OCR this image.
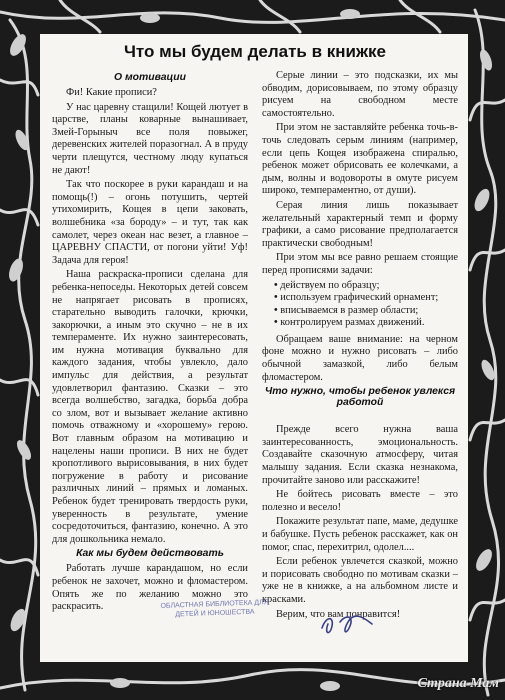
Что мы будем делать в книжке
О мотивации

Фи! Какие прописи?

У нас царевну стащили! Кощей лютует в царстве, планы коварные вынашивает, Змей-Горыныч все поля повыжег, деревенских жителей поразогнал. А в пруду черти плещутся, честному люду купаться не дают!

Так что поскорее в руки карандаш и на помощь(!) – огонь потушить, чертей утихомирить, Кощея в цепи заковать, волшебника «за бороду» – и тут, так как самолет, через океан нас везет, а главное – ЦАРЕВНУ СПАСТИ, от погони уйти! Уф! Задача для героя!

Наша раскраска-прописи сделана для ребенка-непоседы. Некоторых детей совсем не напрягает рисовать в прописях, старательно выводить галочки, крючки, закорючки, а иным это скучно – не в их темпераменте. Их нужно заинтересовать, им нужна мотивация буквально для каждого задания, чтобы увлекло, дало импульс для действия, а результат удовлетворил фантазию. Сказки – это всегда волшебство, загадка, борьба добра со злом, вот и вызывает желание активно помочь отважному и «хорошему» герою. Вот главным образом на мотивацию и нацелены наши прописи. В них не будет кропотливого вырисовывания, в них будет погружение в работу и рисование различных линий – прямых и ломаных. Ребенок будет тренировать твердость руки, уверенность в результате, умение сосредоточиться, фантазию, конечно. А это для дошкольника немало.

Как мы будем действовать

Работать лучше карандашом, но если ребенок не захочет, можно и фломастером. Опять же по желанию можно это раскрасить.

Серые линии – это подсказки, их мы обводим, дорисовываем, по этому образцу рисуем на свободном месте самостоятельно.

При этом не заставляйте ребенка точь-в-точь следовать серым линиям (например, если цепь Кощея изображена спиралью, ребенок может обрисовать ее колечками, а дым, волны и водовороты в омуте рисуем широко, темпераментно, от души).

Серая линия лишь показывает желательный характерный темп и форму графики, а само рисование предполагается практически свободным!

При этом мы все равно решаем стоящие перед прописями задачи:

• действуем по образцу;
• используем графический орнамент;
• вписываемся в размер области;
• контролируем размах движений.

Обращаем ваше внимание: на черном фоне можно и нужно рисовать – либо обычной замазкой, либо белым фломастером.

Что нужно, чтобы ребенок увлекся работой

Прежде всего нужна ваша заинтересованность, эмоциональность. Создавайте сказочную атмосферу, читая малышу задания. Если сказка незнакома, прочитайте заново или расскажите!

Не бойтесь рисовать вместе – это полезно и весело!

Покажите результат папе, маме, дедушке и бабушке. Пусть ребенок расскажет, как он помог, спас, перехитрил, одолел....

Если ребенок увлечется сказкой, можно и порисовать свободно по мотивам сказки – уже не в книжке, а на альбомном листе и красками.

Верим, что вам понравится!

ОБЛАСТНАЯ БИБЛИОТЕКА ДЛЯ ДЕТЕЙ И ЮНОШЕСТВА
Страна Мам
